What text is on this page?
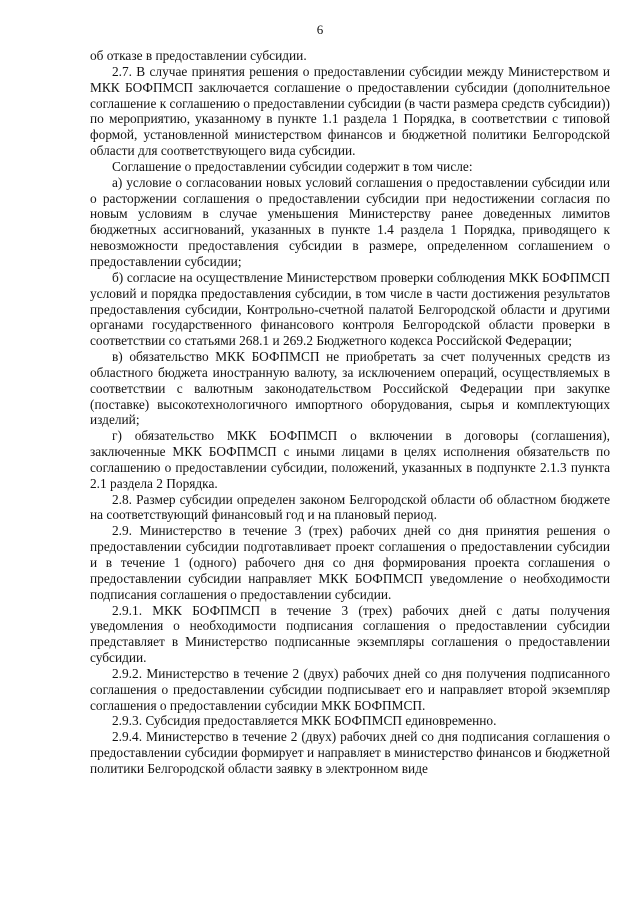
6

об отказе в предоставлении субсидии.

2.7. В случае принятия решения о предоставлении субсидии между Министерством и МКК БОФПМСП заключается соглашение о предоставлении субсидии (дополнительное соглашение к соглашению о предоставлении субсидии (в части размера средств субсидии)) по мероприятию, указанному в пункте 1.1 раздела 1 Порядка, в соответствии с типовой формой, установленной министерством финансов и бюджетной политики Белгородской области для соответствующего вида субсидии.

Соглашение о предоставлении субсидии содержит в том числе:

а) условие о согласовании новых условий соглашения о предоставлении субсидии или о расторжении соглашения о предоставлении субсидии при недостижении согласия по новым условиям в случае уменьшения Министерству ранее доведенных лимитов бюджетных ассигнований, указанных в пункте 1.4 раздела 1 Порядка, приводящего к невозможности предоставления субсидии в размере, определенном соглашением о предоставлении субсидии;

б) согласие на осуществление Министерством проверки соблюдения МКК БОФПМСП условий и порядка предоставления субсидии, в том числе в части достижения результатов предоставления субсидии, Контрольно-счетной палатой Белгородской области и другими органами государственного финансового контроля Белгородской области проверки в соответствии со статьями 268.1 и 269.2 Бюджетного кодекса Российской Федерации;

в) обязательство МКК БОФПМСП не приобретать за счет полученных средств из областного бюджета иностранную валюту, за исключением операций, осуществляемых в соответствии с валютным законодательством Российской Федерации при закупке (поставке) высокотехнологичного импортного оборудования, сырья и комплектующих изделий;

г) обязательство МКК БОФПМСП о включении в договоры (соглашения), заключенные МКК БОФПМСП с иными лицами в целях исполнения обязательств по соглашению о предоставлении субсидии, положений, указанных в подпункте 2.1.3 пункта 2.1 раздела 2 Порядка.

2.8. Размер субсидии определен законом Белгородской области об областном бюджете на соответствующий финансовый год и на плановый период.

2.9. Министерство в течение 3 (трех) рабочих дней со дня принятия решения о предоставлении субсидии подготавливает проект соглашения о предоставлении субсидии и в течение 1 (одного) рабочего дня со дня формирования проекта соглашения о предоставлении субсидии направляет МКК БОФПМСП уведомление о необходимости подписания соглашения о предоставлении субсидии.

2.9.1. МКК БОФПМСП в течение 3 (трех) рабочих дней с даты получения уведомления о необходимости подписания соглашения о предоставлении субсидии представляет в Министерство подписанные экземпляры соглашения о предоставлении субсидии.

2.9.2. Министерство в течение 2 (двух) рабочих дней со дня получения подписанного соглашения о предоставлении субсидии подписывает его и направляет второй экземпляр соглашения о предоставлении субсидии МКК БОФПМСП.

2.9.3. Субсидия предоставляется МКК БОФПМСП единовременно.

2.9.4. Министерство в течение 2 (двух) рабочих дней со дня подписания соглашения о предоставлении субсидии формирует и направляет в министерство финансов и бюджетной политики Белгородской области заявку в электронном виде
